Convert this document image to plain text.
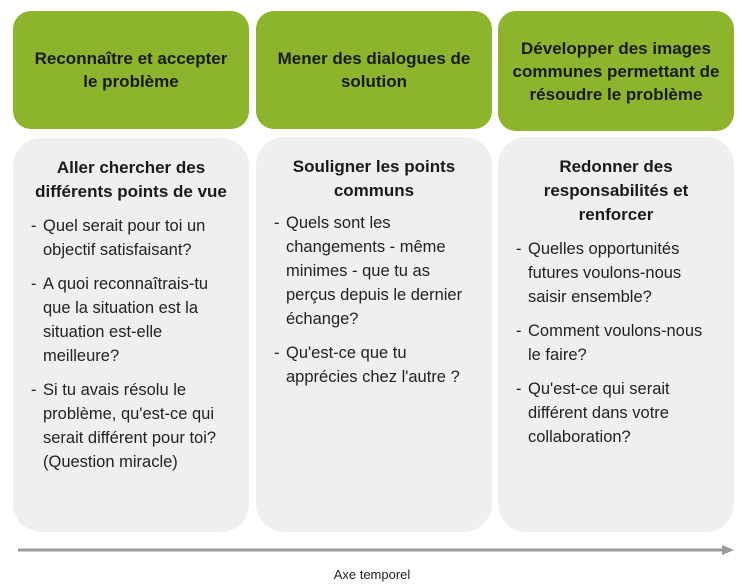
Reconnaître et accepter le problème
Aller chercher des différents points de vue
- Quel serait pour toi un objectif satisfaisant?
- A quoi reconnaîtrais-tu que la situation est la situation est-elle meilleure?
- Si tu avais résolu le problème, qu'est-ce qui serait différent pour toi? (Question miracle)
Mener des dialogues de solution
Souligner les points communs
- Quels sont les changements - même minimes - que tu as perçus depuis le dernier échange?
- Qu'est-ce que tu apprécies chez l'autre ?
Développer des images communes permettant de résoudre le problème
Redonner des responsabilités et renforcer
- Quelles opportunités futures voulons-nous saisir ensemble?
- Comment voulons-nous le faire?
- Qu'est-ce qui serait différent dans votre collaboration?
Axe temporel
